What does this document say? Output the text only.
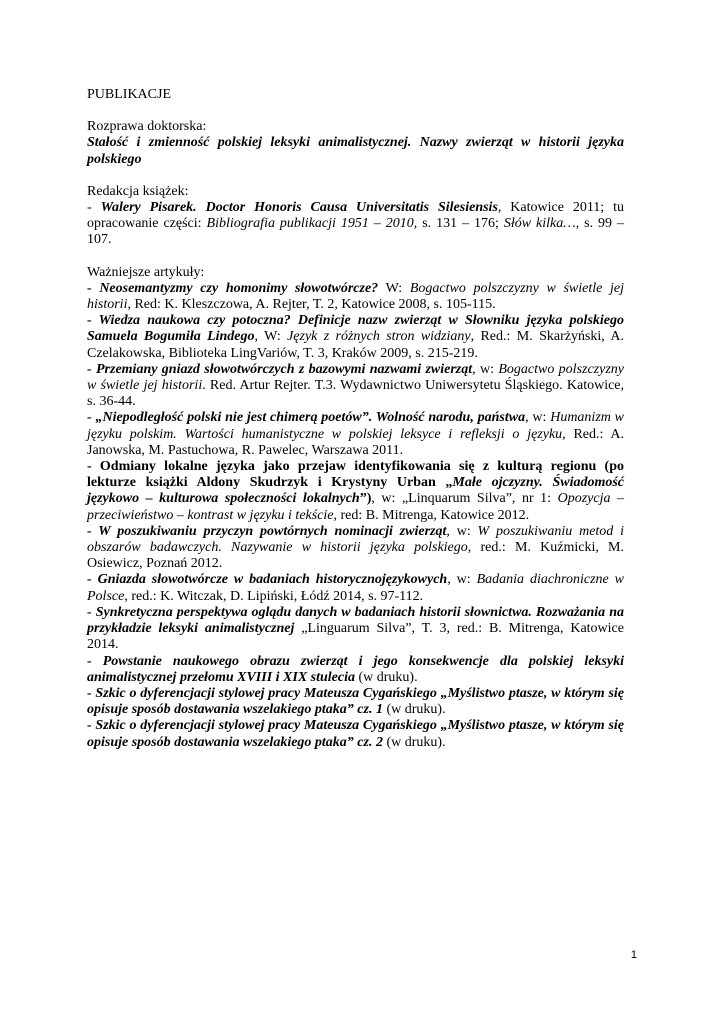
PUBLIKACJE

Rozprawa doktorska:

Stałość i zmienność polskiej leksyki animalistycznej. Nazwy zwierząt w historii języka polskiego

Redakcja książek:

- Walery Pisarek. Doctor Honoris Causa Universitatis Silesiensis, Katowice 2011; tu opracowanie części: Bibliografia publikacji 1951 – 2010, s. 131 – 176; Słów kilka…, s. 99 – 107.

Ważniejsze artykuły:

- Neosemantyzmy czy homonimy słowotwórcze? W: Bogactwo polszczyzny w świetle jej historii, Red: K. Kleszczowa, A. Rejter, T. 2, Katowice 2008, s. 105-115.

- Wiedza naukowa czy potoczna? Definicje nazw zwierząt w Słowniku języka polskiego Samuela Bogumiła Lindego, W: Język z różnych stron widziany, Red.: M. Skarżyński, A. Czelakowska, Biblioteka LingVariów, T. 3, Kraków 2009, s. 215-219.

- Przemiany gniazd słowotwórczych z bazowymi nazwami zwierząt, w: Bogactwo polszczyzny w świetle jej historii. Red. Artur Rejter. T.3. Wydawnictwo Uniwersytetu Śląskiego. Katowice, s. 36-44.

- „Niepodległość polski nie jest chimerą poetów”. Wolność narodu, państwa, w: Humanizm w języku polskim. Wartości humanistyczne w polskiej leksyce i refleksji o języku, Red.: A. Janowska, M. Pastuchowa, R. Pawelec, Warszawa 2011.

- Odmiany lokalne języka jako przejaw identyfikowania się z kulturą regionu (po lekturze książki Aldony Skudrzyk i Krystyny Urban „Małe ojczyzny. Świadomość językowo – kulturowa społeczności lokalnych”), w: „Linquarum Silva”, nr 1: Opozycja – przeciwieństwo – kontrast w języku i tekście, red: B. Mitrenga, Katowice 2012.

- W poszukiwaniu przyczyn powtórnych nominacji zwierząt, w: W poszukiwaniu metod i obszarów badawczych. Nazywanie w historii języka polskiego, red.: M. Kuźmicki, M. Osiewicz, Poznań 2012.

- Gniazda słowotwórcze w badaniach historycznojęzykowych, w: Badania diachroniczne w Polsce, red.: K. Witczak, D. Lipiński, Łódź 2014, s. 97-112.

- Synkretyczna perspektywa oglądu danych w badaniach historii słownictwa. Rozważania na przykładzie leksyki animalistycznej „Linguarum Silva”, T. 3, red.: B. Mitrenga, Katowice 2014.

- Powstanie naukowego obrazu zwierząt i jego konsekwencje dla polskiej leksyki animalistycznej przełomu XVIII i XIX stulecia (w druku).

- Szkic o dyferencjacji stylowej pracy Mateusza Cygańskiego „Myślistwo ptasze, w którym się opisuje sposób dostawania wszelakiego ptaka” cz. 1 (w druku).

- Szkic o dyferencjacji stylowej pracy Mateusza Cygańskiego „Myślistwo ptasze, w którym się opisuje sposób dostawania wszelakiego ptaka” cz. 2 (w druku).

1
